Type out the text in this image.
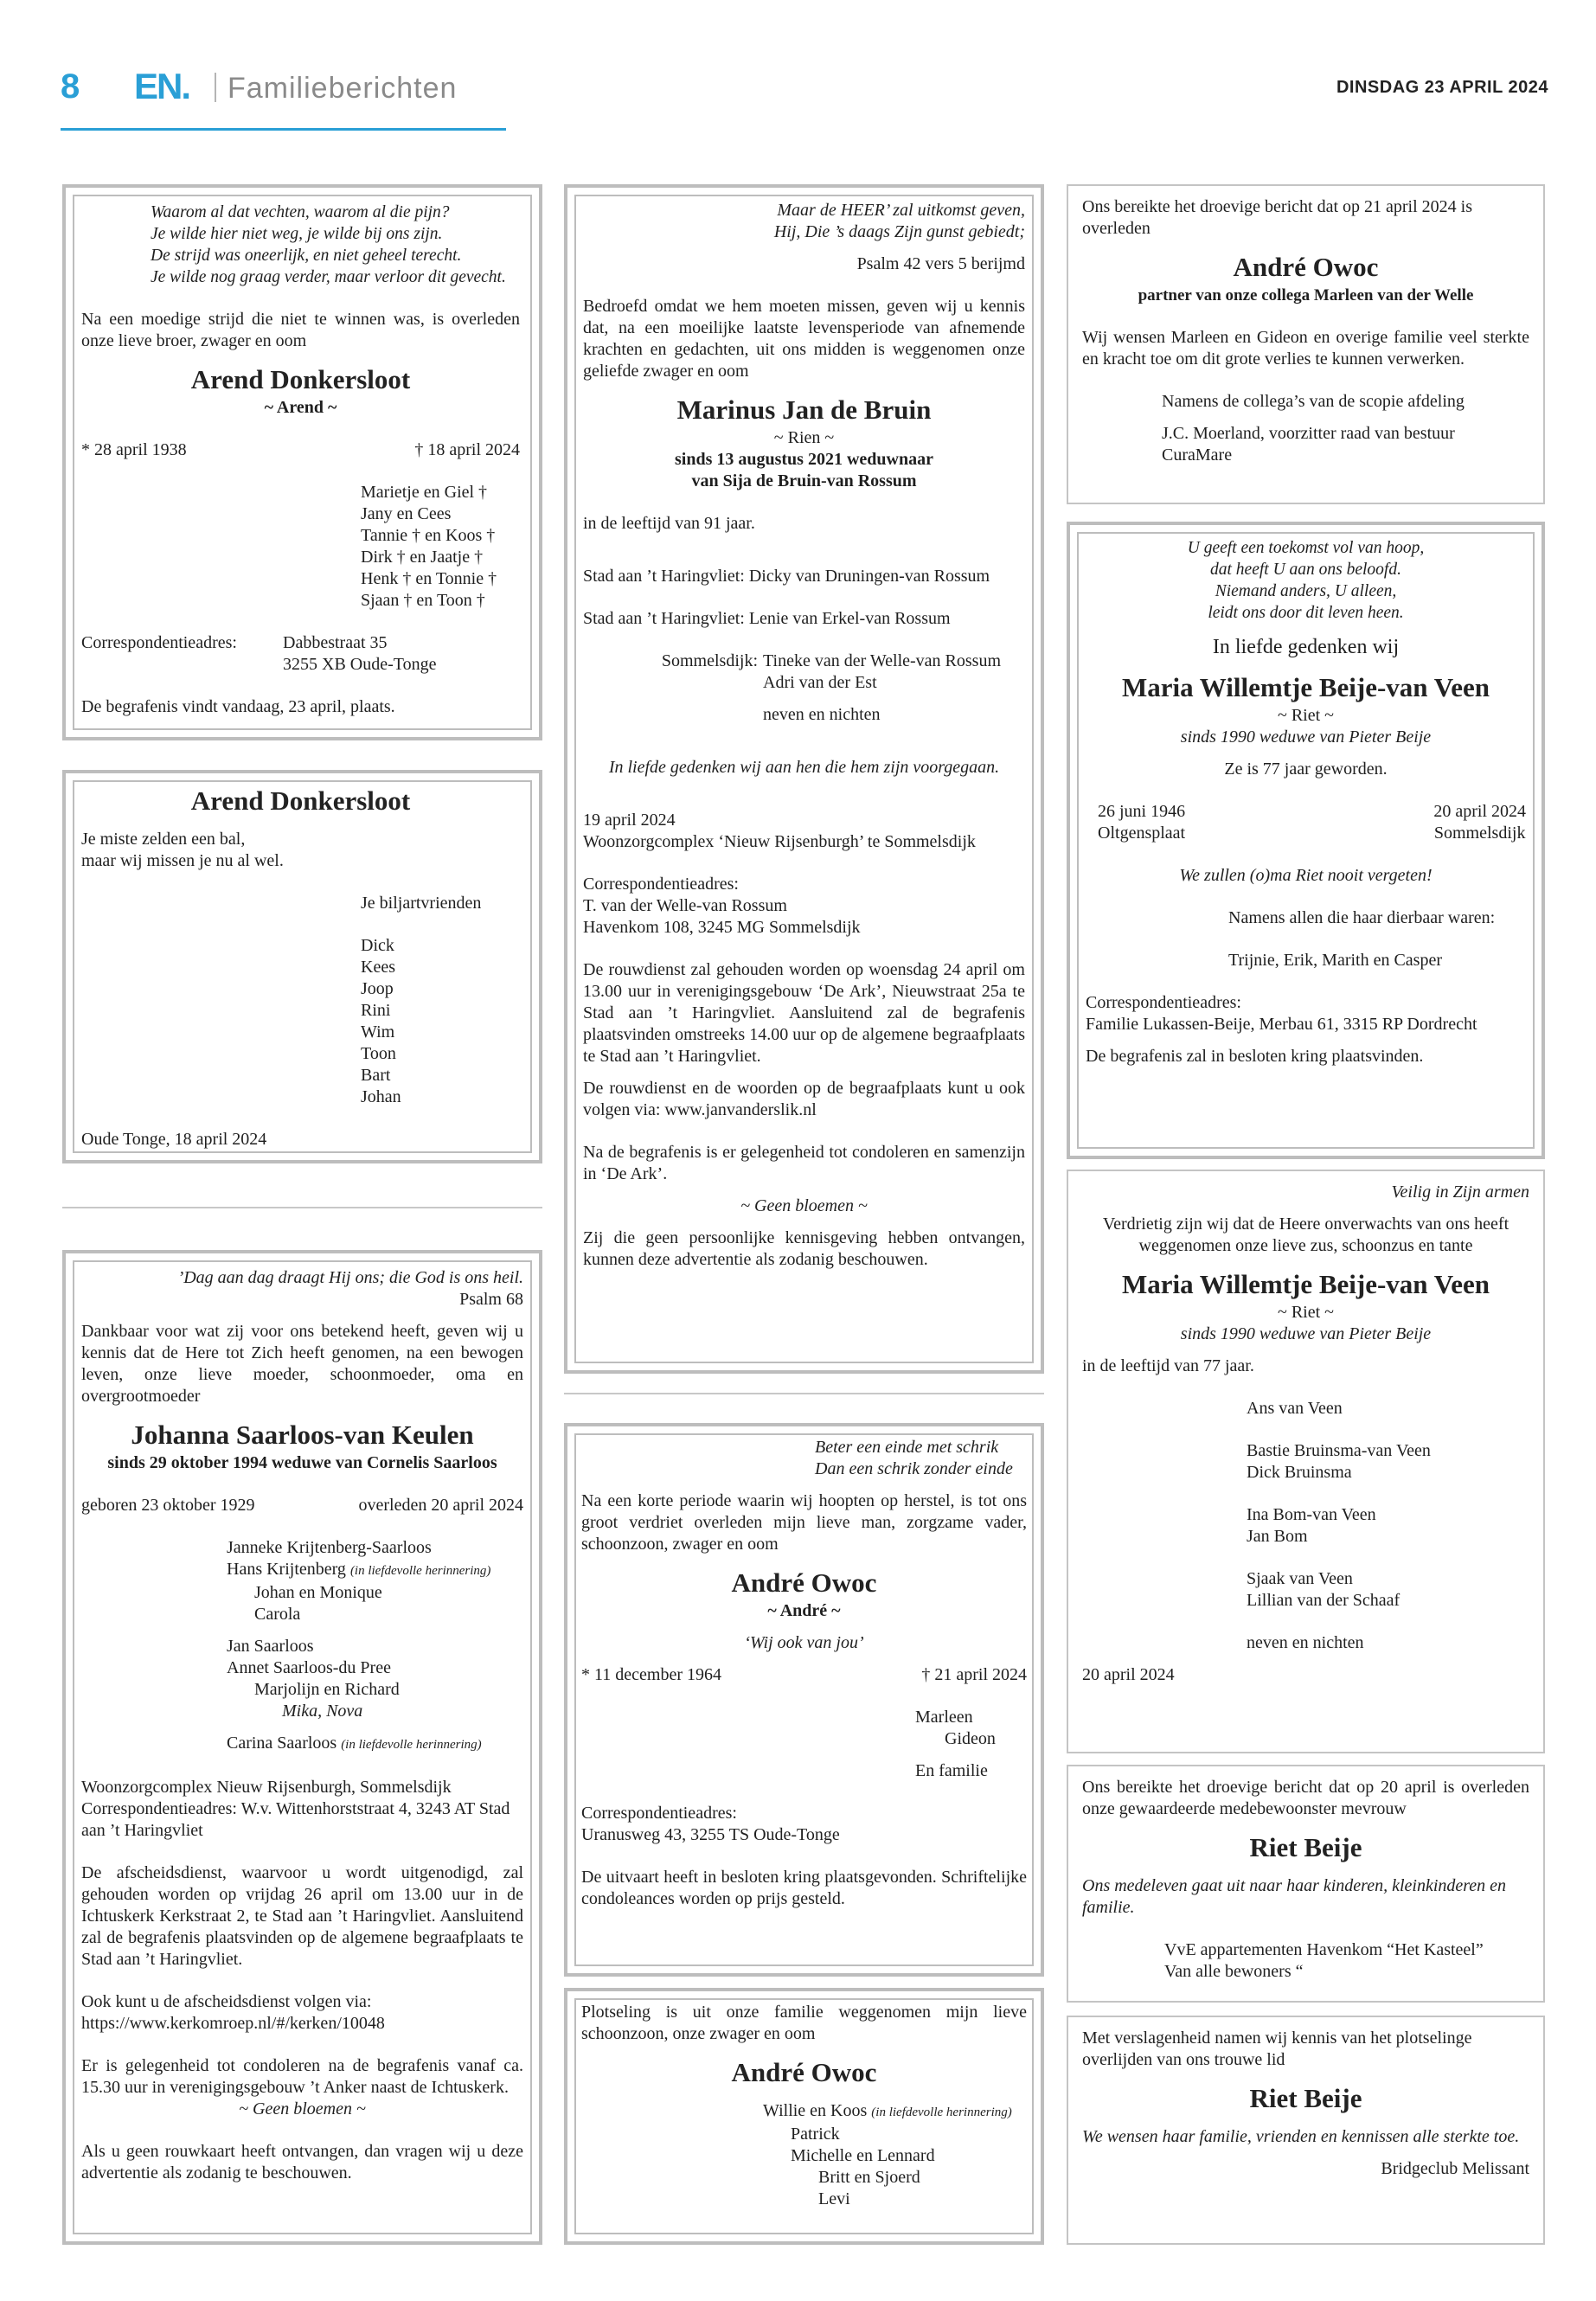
8 EN. Familieberichten	DINSDAG 23 APRIL 2024
Waarom al dat vechten, waarom al die pijn?
Je wilde hier niet weg, je wilde bij ons zijn.
De strijd was oneerlijk, en niet geheel terecht.
Je wilde nog graag verder, maar verloor dit gevecht.
Na een moedige strijd die niet te winnen was, is overleden onze lieve broer, zwager en oom
Arend Donkersloot
~ Arend ~
* 28 april 1938	† 18 april 2024
Marietje en Giel †
Jany en Cees
Tannie † en Koos †
Dirk † en Jaatje †
Henk † en Tonnie †
Sjaan † en Toon †
Correspondentieadres:	Dabbestraat 35
3255 XB Oude-Tonge
De begrafenis vindt vandaag, 23 april, plaats.
Arend Donkersloot
Je miste zelden een bal,
maar wij missen je nu al wel.
Je biljartvrienden
Dick
Kees
Joop
Rini
Wim
Toon
Bart
Johan
Oude Tonge, 18 april 2024
’Dag aan dag draagt Hij ons; die God is ons heil.
Psalm 68
Dankbaar voor wat zij voor ons betekend heeft, geven wij u kennis dat de Here tot Zich heeft genomen, na een bewogen leven, onze lieve moeder, schoonmoeder, oma en overgrootmoeder
Johanna Saarloos-van Keulen
sinds 29 oktober 1994 weduwe van Cornelis Saarloos
geboren 23 oktober 1929	overleden 20 april 2024
Janneke Krijtenberg-Saarloos
Hans Krijtenberg (in liefdevolle herinnering)
Johan en Monique
Carola
Jan Saarloos
Annet Saarloos-du Pree
Marjolijn en Richard
Mika, Nova
Carina Saarloos (in liefdevolle herinnering)
Woonzorgcomplex Nieuw Rijsenburgh, Sommelsdijk
Correspondentieadres: W.v. Wittenhorststraat 4, 3243 AT Stad aan ’t Haringvliet
De afscheidsdienst, waarvoor u wordt uitgenodigd, zal gehouden worden op vrijdag 26 april om 13.00 uur in de Ichtuskerk Kerkstraat 2, te Stad aan ’t Haringvliet. Aansluitend zal de begrafenis plaatsvinden op de algemene begraafplaats te Stad aan ’t Haringvliet.
Ook kunt u de afscheidsdienst volgen via:
https://www.kerkomroep.nl/#/kerken/10048
Er is gelegenheid tot condoleren na de begrafenis vanaf ca. 15.30 uur in verenigingsgebouw ’t Anker naast de Ichtuskerk.
~ Geen bloemen ~
Als u geen rouwkaart heeft ontvangen, dan vragen wij u deze advertentie als zodanig te beschouwen.
Maar de HEER’ zal uitkomst geven,
Hij, Die ’s daags Zijn gunst gebiedt;
Psalm 42 vers 5 berijmd
Bedroefd omdat we hem moeten missen, geven wij u kennis dat, na een moeilijke laatste levensperiode van afnemende krachten en gedachten, uit ons midden is weggenomen onze geliefde zwager en oom
Marinus Jan de Bruin
~ Rien ~
sinds 13 augustus 2021 weduwnaar
van Sija de Bruin-van Rossum
in de leeftijd van 91 jaar.
Stad aan ’t Haringvliet: Dicky van Druningen-van Rossum
Stad aan ’t Haringvliet: Lenie van Erkel-van Rossum
Sommelsdijk: Tineke van der Welle-van Rossum
Adri van der Est
neven en nichten
In liefde gedenken wij aan hen die hem zijn voorgegaan.
19 april 2024
Woonzorgcomplex ‘Nieuw Rijsenburgh’ te Sommelsdijk
Correspondentieadres:
T. van der Welle-van Rossum
Havenkom 108, 3245 MG Sommelsdijk
De rouwdienst zal gehouden worden op woensdag 24 april om 13.00 uur in verenigingsgebouw ‘De Ark’, Nieuwstraat 25a te Stad aan ’t Haringvliet. Aansluitend zal de begrafenis plaatsvinden omstreeks 14.00 uur op de algemene begraafplaats te Stad aan ’t Haringvliet.
De rouwdienst en de woorden op de begraafplaats kunt u ook volgen via: www.janvanderslik.nl
Na de begrafenis is er gelegenheid tot condoleren en samenzijn in ‘De Ark’.
~ Geen bloemen ~
Zij die geen persoonlijke kennisgeving hebben ontvangen, kunnen deze advertentie als zodanig beschouwen.
Beter een einde met schrik
Dan een schrik zonder einde
Na een korte periode waarin wij hoopten op herstel, is tot ons groot verdriet overleden mijn lieve man, zorgzame vader, schoonzoon, zwager en oom
André Owoc
~ André ~
‘Wij ook van jou’
* 11 december 1964	† 21 april 2024
Marleen
Gideon
En familie
Correspondentieadres:
Uranusweg 43, 3255 TS Oude-Tonge
De uitvaart heeft in besloten kring plaatsgevonden. Schriftelijke condoleances worden op prijs gesteld.
Plotseling is uit onze familie weggenomen mijn lieve schoonzoon, onze zwager en oom
André Owoc
Willie en Koos (in liefdevolle herinnering)
Patrick
Michelle en Lennard
Britt en Sjoerd
Levi
Ons bereikte het droevige bericht dat op 21 april 2024 is overleden
André Owoc
partner van onze collega Marleen van der Welle
Wij wensen Marleen en Gideon en overige familie veel sterkte en kracht toe om dit grote verlies te kunnen verwerken.
Namens de collega’s van de scopie afdeling
J.C. Moerland, voorzitter raad van bestuur
CuraMare
U geeft een toekomst vol van hoop,
dat heeft U aan ons beloofd.
Niemand anders, U alleen,
leidt ons door dit leven heen.
In liefde gedenken wij
Maria Willemtje Beije-van Veen
~ Riet ~
sinds 1990 weduwe van Pieter Beije
Ze is 77 jaar geworden.
26 juni 1946
Oltgensplaat
20 april 2024
Sommelsdijk
We zullen (o)ma Riet nooit vergeten!
Namens allen die haar dierbaar waren:
Trijnie, Erik, Marith en Casper
Correspondentieadres:
Familie Lukassen-Beije, Merbau 61, 3315 RP Dordrecht
De begrafenis zal in besloten kring plaatsvinden.
Veilig in Zijn armen
Verdrietig zijn wij dat de Heere onverwachts van ons heeft weggenomen onze lieve zus, schoonzus en tante
Maria Willemtje Beije-van Veen
~ Riet ~
sinds 1990 weduwe van Pieter Beije
in de leeftijd van 77 jaar.
Ans van Veen
Bastie Bruinsma-van Veen
Dick Bruinsma
Ina Bom-van Veen
Jan Bom
Sjaak van Veen
Lillian van der Schaaf
neven en nichten
20 april 2024
Ons bereikte het droevige bericht dat op 20 april is overleden onze gewaardeerde medebewoonster mevrouw
Riet Beije
Ons medeleven gaat uit naar haar kinderen, kleinkinderen en familie.
VvE appartementen Havenkom “Het Kasteel”
Van alle bewoners “
Met verslagenheid namen wij kennis van het plotselinge overlijden van ons trouwe lid
Riet Beije
We wensen haar familie, vrienden en kennissen alle sterkte toe.
Bridgeclub Melissant
